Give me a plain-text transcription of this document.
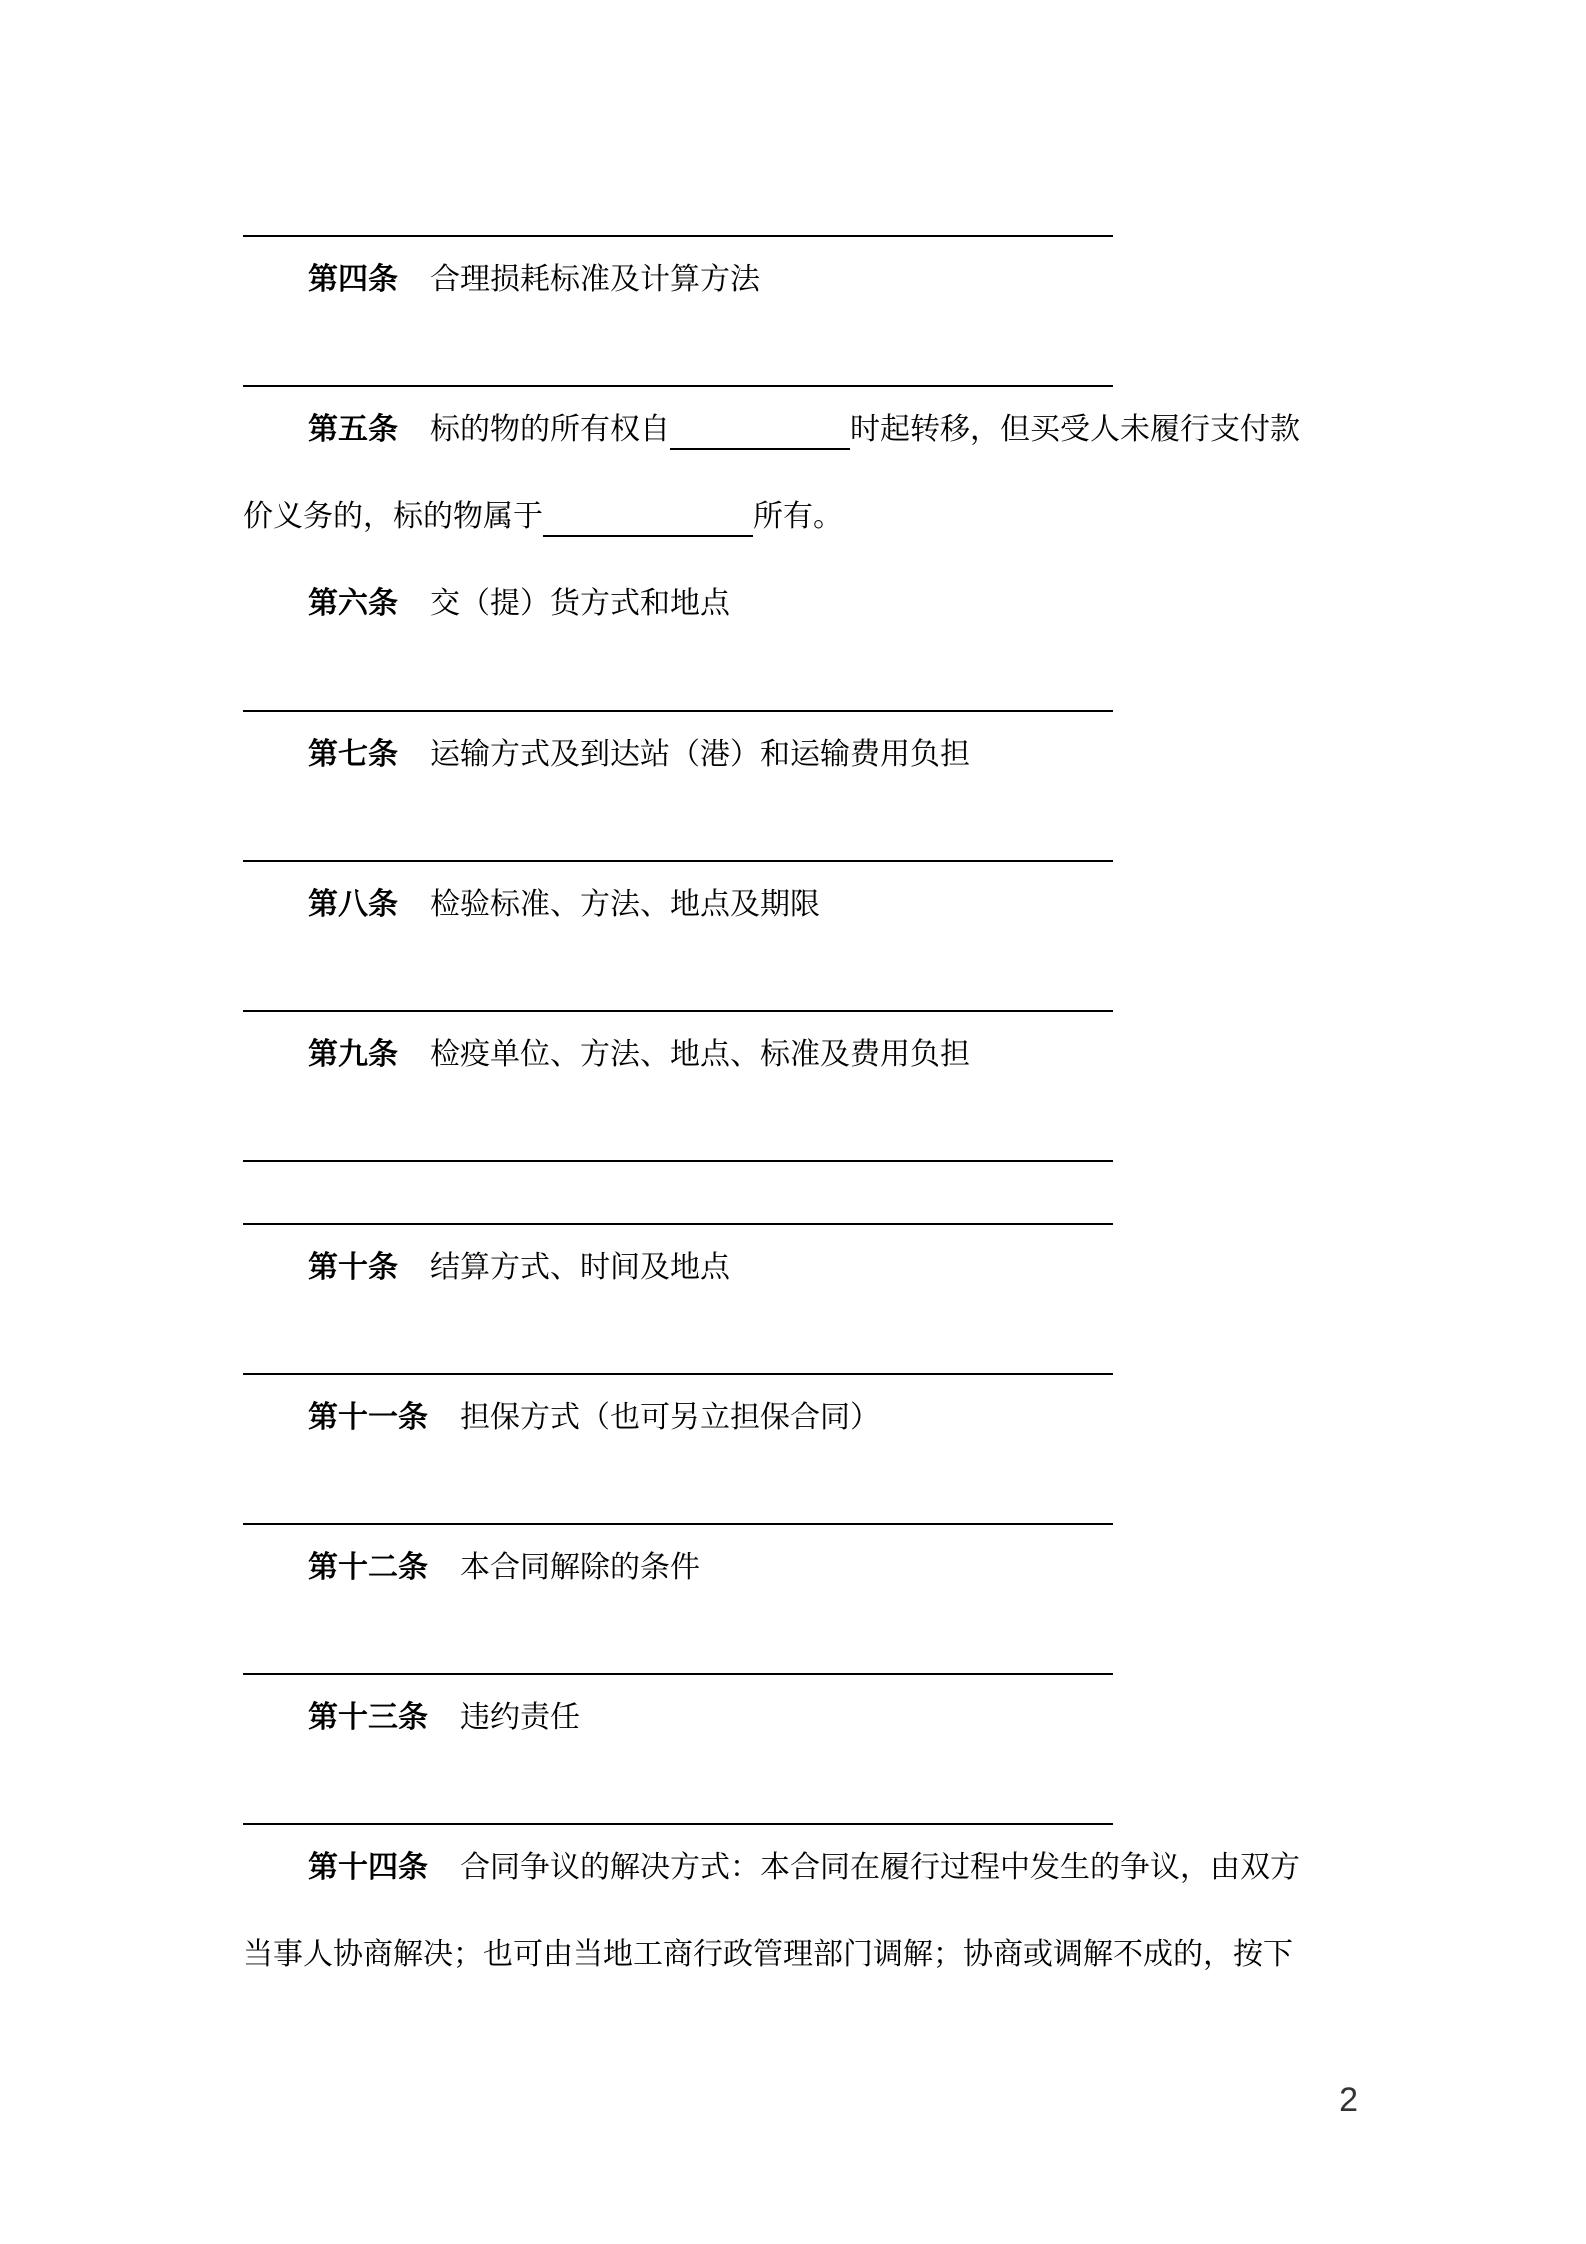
第四条 合理损耗标准及计算方法
第五条 标的物的所有权自	时起转移，但买受人未履行支付款
价义务的，标的物属于	所有。
第六条 交（提）货方式和地点
第七条 运输方式及到达站（港）和运输费用负担
第八条 检验标准、方法、地点及期限
第九条 检疫单位、方法、地点、标准及费用负担
第十条 结算方式、时间及地点
第十一条 担保方式（也可另立担保合同）
第十二条 本合同解除的条件
第十三条 违约责任
第十四条 合同争议的解决方式：本合同在履行过程中发生的争议，由双方
当事人协商解决；也可由当地工商行政管理部门调解；协商或调解不成的，按下
2
